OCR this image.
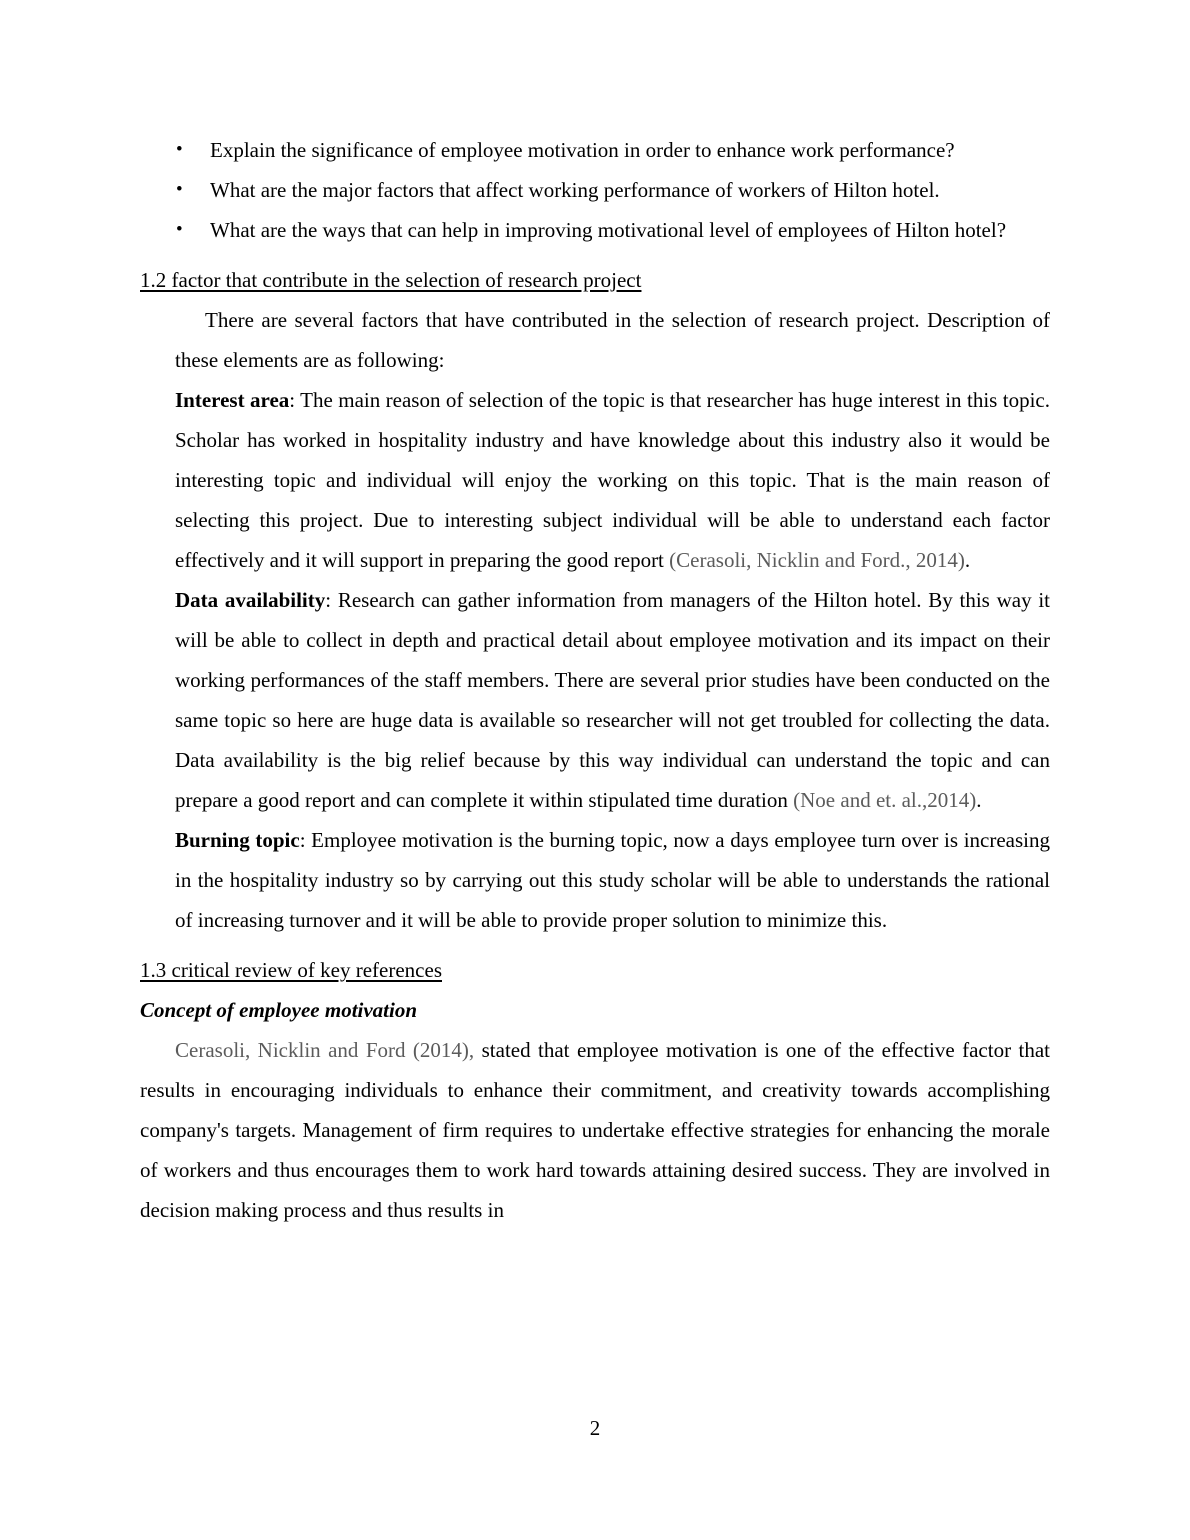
• Explain the significance of employee motivation in order to enhance work performance?
• What are the major factors that affect working performance of workers of Hilton hotel.
• What are the ways that can help in improving motivational level of employees of Hilton hotel?

1.2 factor that contribute in the selection of research project

There are several factors that have contributed in the selection of research project. Description of these elements are as following:

Interest area: The main reason of selection of the topic is that researcher has huge interest in this topic. Scholar has worked in hospitality industry and have knowledge about this industry also it would be interesting topic and individual will enjoy the working on this topic. That is the main reason of selecting this project. Due to interesting subject individual will be able to understand each factor effectively and it will support in preparing the good report (Cerasoli, Nicklin and Ford., 2014).

Data availability: Research can gather information from managers of the Hilton hotel. By this way it will be able to collect in depth and practical detail about employee motivation and its impact on their working performances of the staff members. There are several prior studies have been conducted on the same topic so here are huge data is available so researcher will not get troubled for collecting the data. Data availability is the big relief because by this way individual can understand the topic and can prepare a good report and can complete it within stipulated time duration (Noe and et. al.,2014).

Burning topic: Employee motivation is the burning topic, now a days employee turn over is increasing in the hospitality industry so by carrying out this study scholar will be able to understands the rational of increasing turnover and it will be able to provide proper solution to minimize this.

1.3 critical review of key references

Concept of employee motivation

Cerasoli, Nicklin and Ford (2014), stated that employee motivation is one of the effective factor that results in encouraging individuals to enhance their commitment, and creativity towards accomplishing company's targets. Management of firm requires to undertake effective strategies for enhancing the morale of workers and thus encourages them to work hard towards attaining desired success. They are involved in decision making process and thus results in

2
